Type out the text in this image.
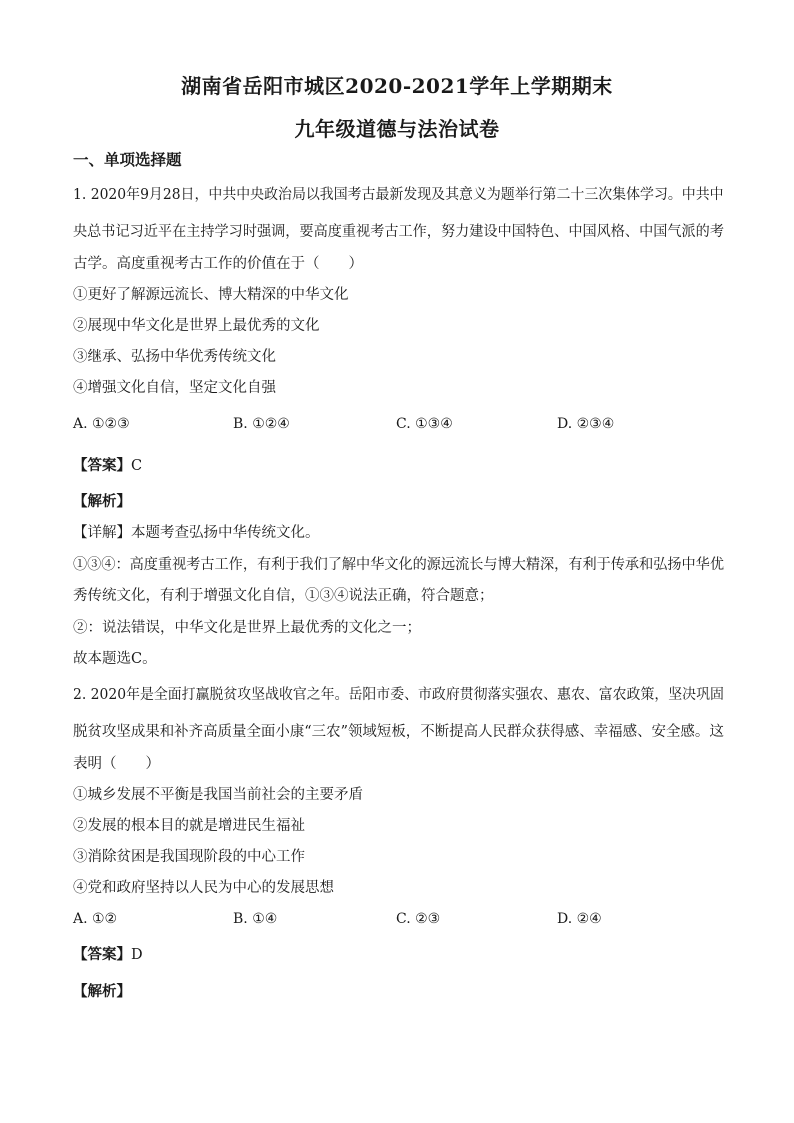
湖南省岳阳市城区2020-2021学年上学期期末
九年级道德与法治试卷
一、单项选择题
1. 2020年9月28日，中共中央政治局以我国考古最新发现及其意义为题举行第二十三次集体学习。中共中
央总书记习近平在主持学习时强调，要高度重视考古工作，努力建设中国特色、中国风格、中国气派的考
古学。高度重视考古工作的价值在于（　　）
①更好了解源远流长、博大精深的中华文化
②展现中华文化是世界上最优秀的文化
③继承、弘扬中华优秀传统文化
④增强文化自信，坚定文化自强
A. ①②③	B. ①②④	C. ①③④	D. ②③④
【答案】C
【解析】
【详解】本题考查弘扬中华传统文化。
①③④：高度重视考古工作，有利于我们了解中华文化的源远流长与博大精深，有利于传承和弘扬中华优
秀传统文化，有利于增强文化自信，①③④说法正确，符合题意；
②：说法错误，中华文化是世界上最优秀的文化之一；
故本题选C。
2. 2020年是全面打赢脱贫攻坚战收官之年。岳阳市委、市政府贯彻落实强农、惠农、富农政策，坚决巩固
脱贫攻坚成果和补齐高质量全面小康“三农”领域短板，不断提高人民群众获得感、幸福感、安全感。这
表明（　　）
①城乡发展不平衡是我国当前社会的主要矛盾
②发展的根本目的就是增进民生福祉
③消除贫困是我国现阶段的中心工作
④党和政府坚持以人民为中心的发展思想
A. ①②	B. ①④	C. ②③	D. ②④
【答案】D
【解析】
